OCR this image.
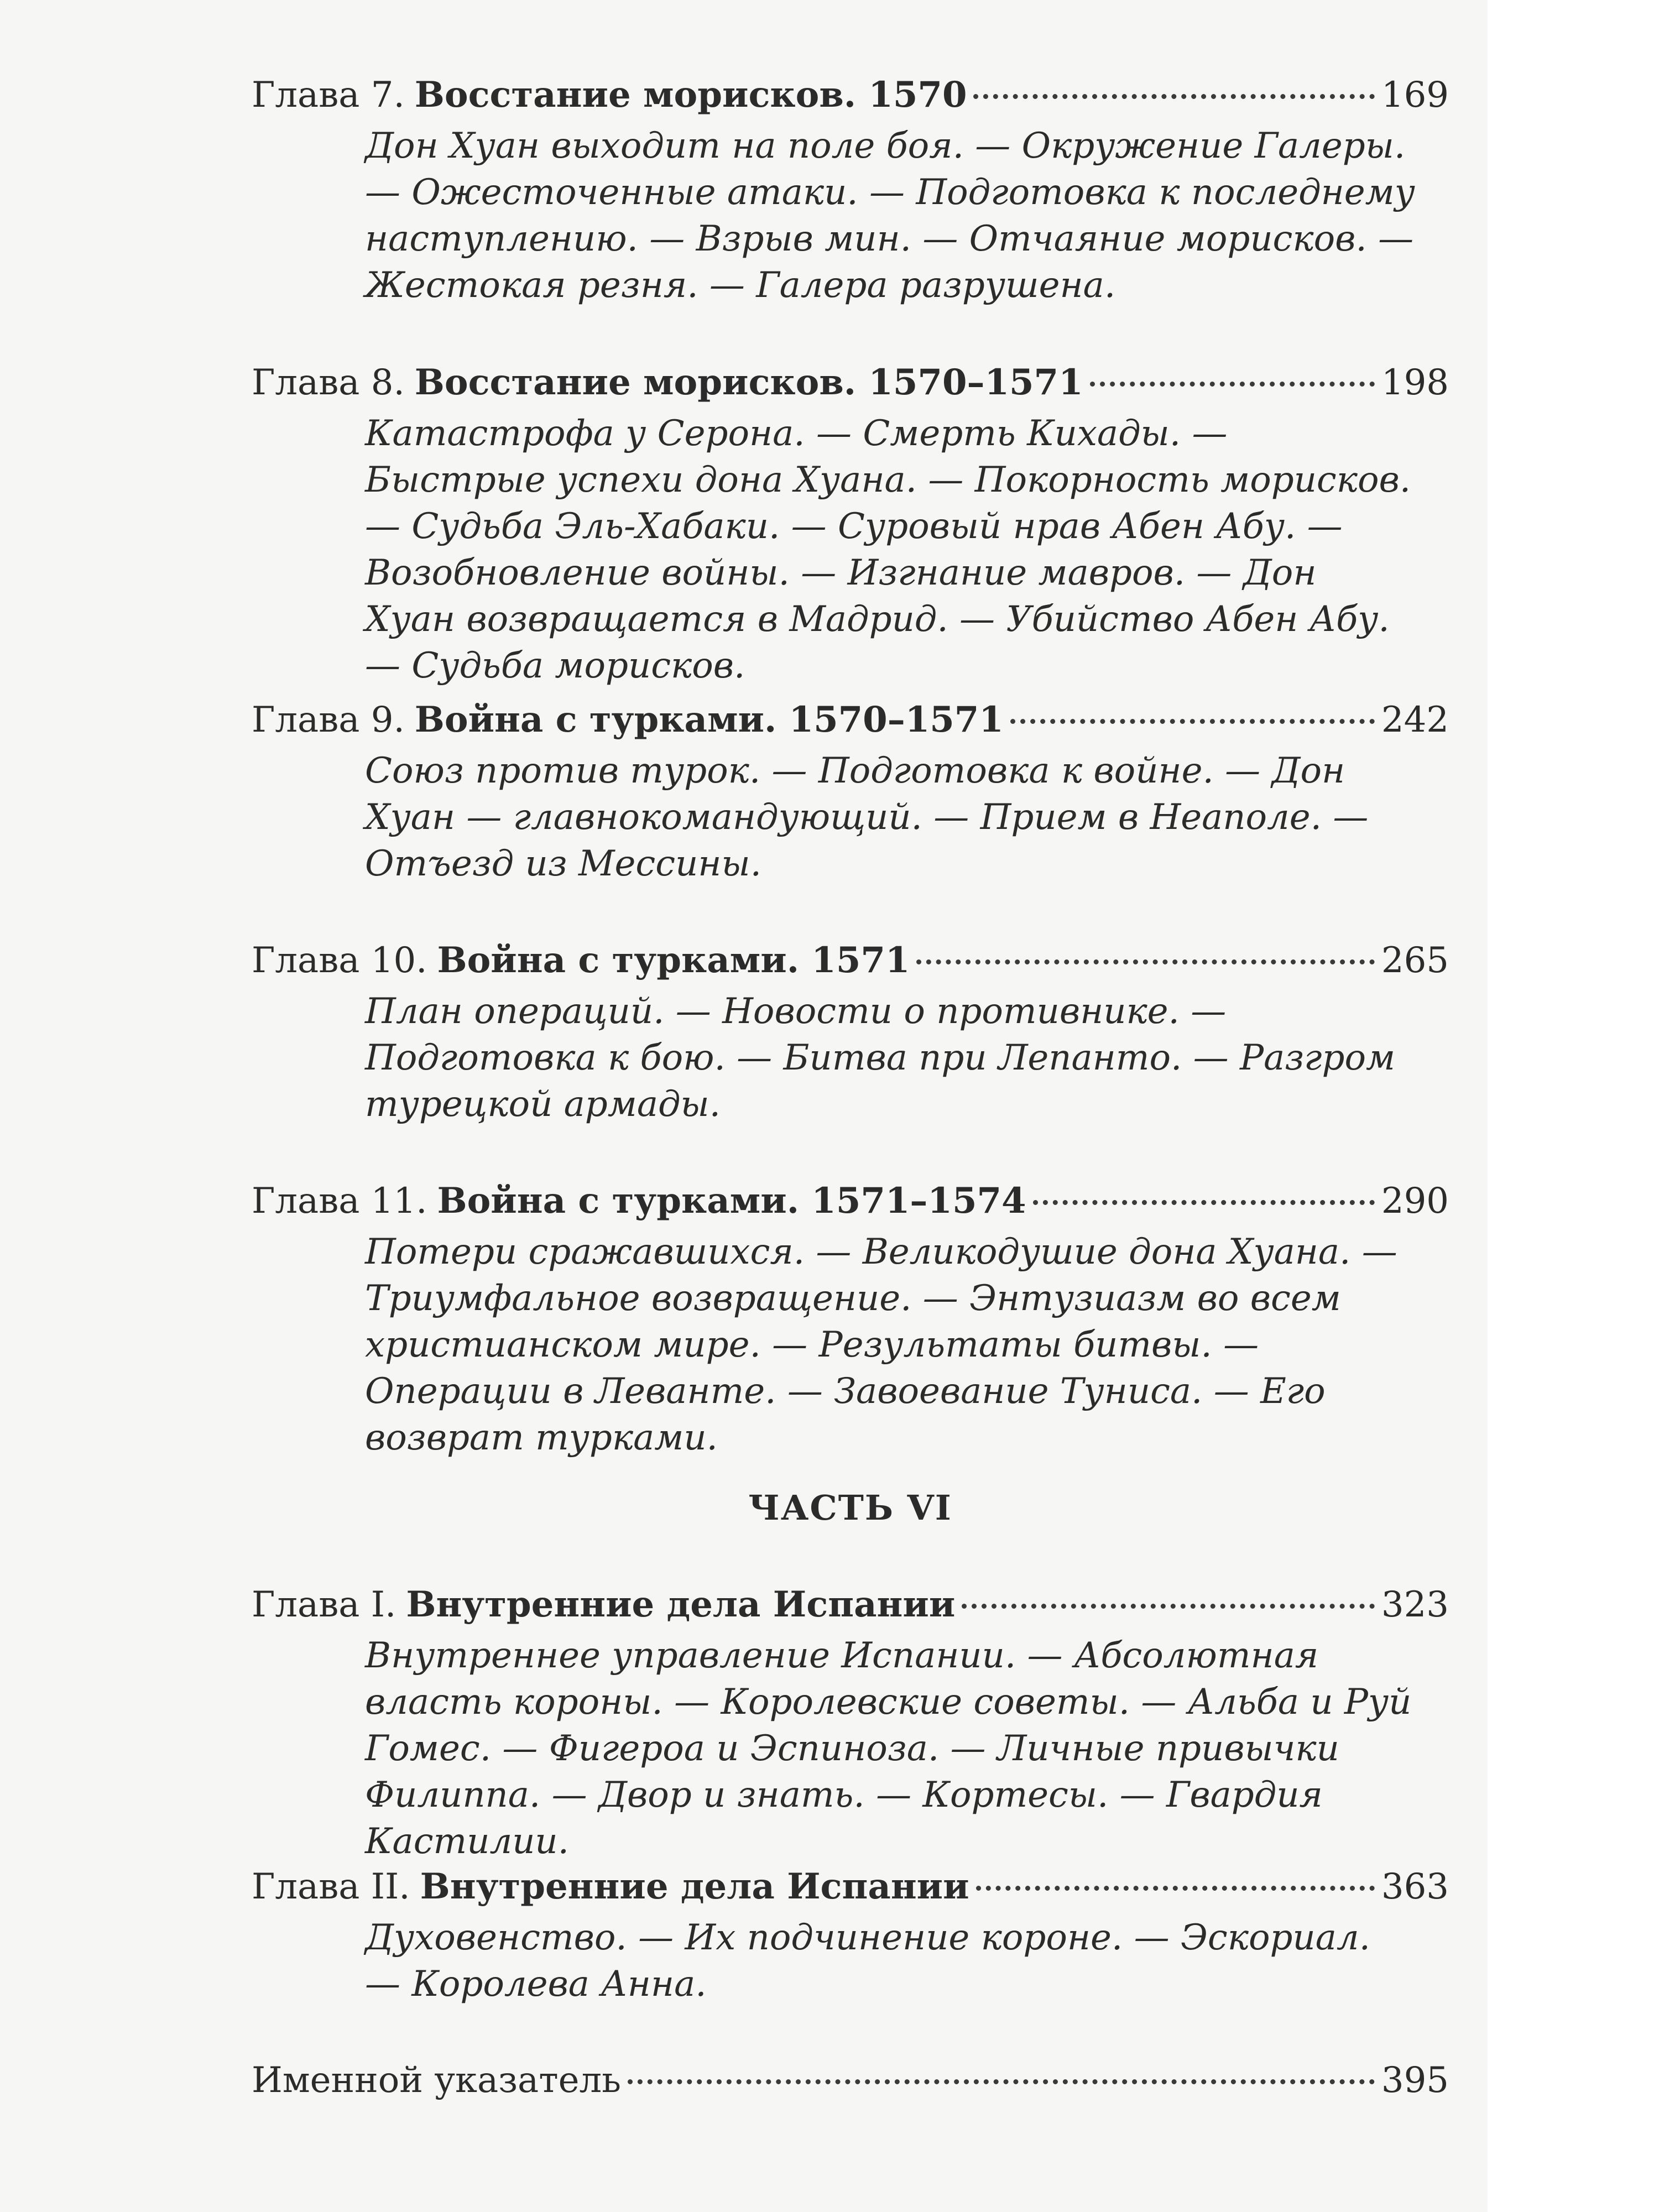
Глава 7. Восстание морисков. 1570	169
Дон Хуан выходит на поле боя. — Окружение Галеры. — Ожесточенные атаки. — Подготовка к последнему наступлению. — Взрыв мин. — Отчаяние морисков. — Жестокая резня. — Галера разрушена.
Глава 8. Восстание морисков. 1570–1571	198
Катастрофа у Серона. — Смерть Кихады. — Быстрые успехи дона Хуана. — Покорность морисков. — Судьба Эль-Хабаки. — Суровый нрав Абен Абу. — Возобновление войны. — Изгнание мавров. — Дон Хуан возвращается в Мадрид. — Убийство Абен Абу. — Судьба морисков.
Глава 9. Война с турками. 1570–1571	242
Союз против турок. — Подготовка к войне. — Дон Хуан — главнокомандующий. — Прием в Неаполе. — Отъезд из Мессины.
Глава 10. Война с турками. 1571	265
План операций. — Новости о противнике. — Подготовка к бою. — Битва при Лепанто. — Разгром турецкой армады.
Глава 11. Война с турками. 1571–1574	290
Потери сражавшихся. — Великодушие дона Хуана. — Триумфальное возвращение. — Энтузиазм во всем христианском мире. — Результаты битвы. — Операции в Леванте. — Завоевание Туниса. — Его возврат турками.
ЧАСТЬ VI
Глава I. Внутренние дела Испании	323
Внутреннее управление Испании. — Абсолютная власть короны. — Королевские советы. — Альба и Руй Гомес. — Фигероа и Эспиноза. — Личные привычки Филиппа. — Двор и знать. — Кортесы. — Гвардия Кастилии.
Глава II. Внутренние дела Испании	363
Духовенство. — Их подчинение короне. — Эскориал. — Королева Анна.
Именной указатель	395
